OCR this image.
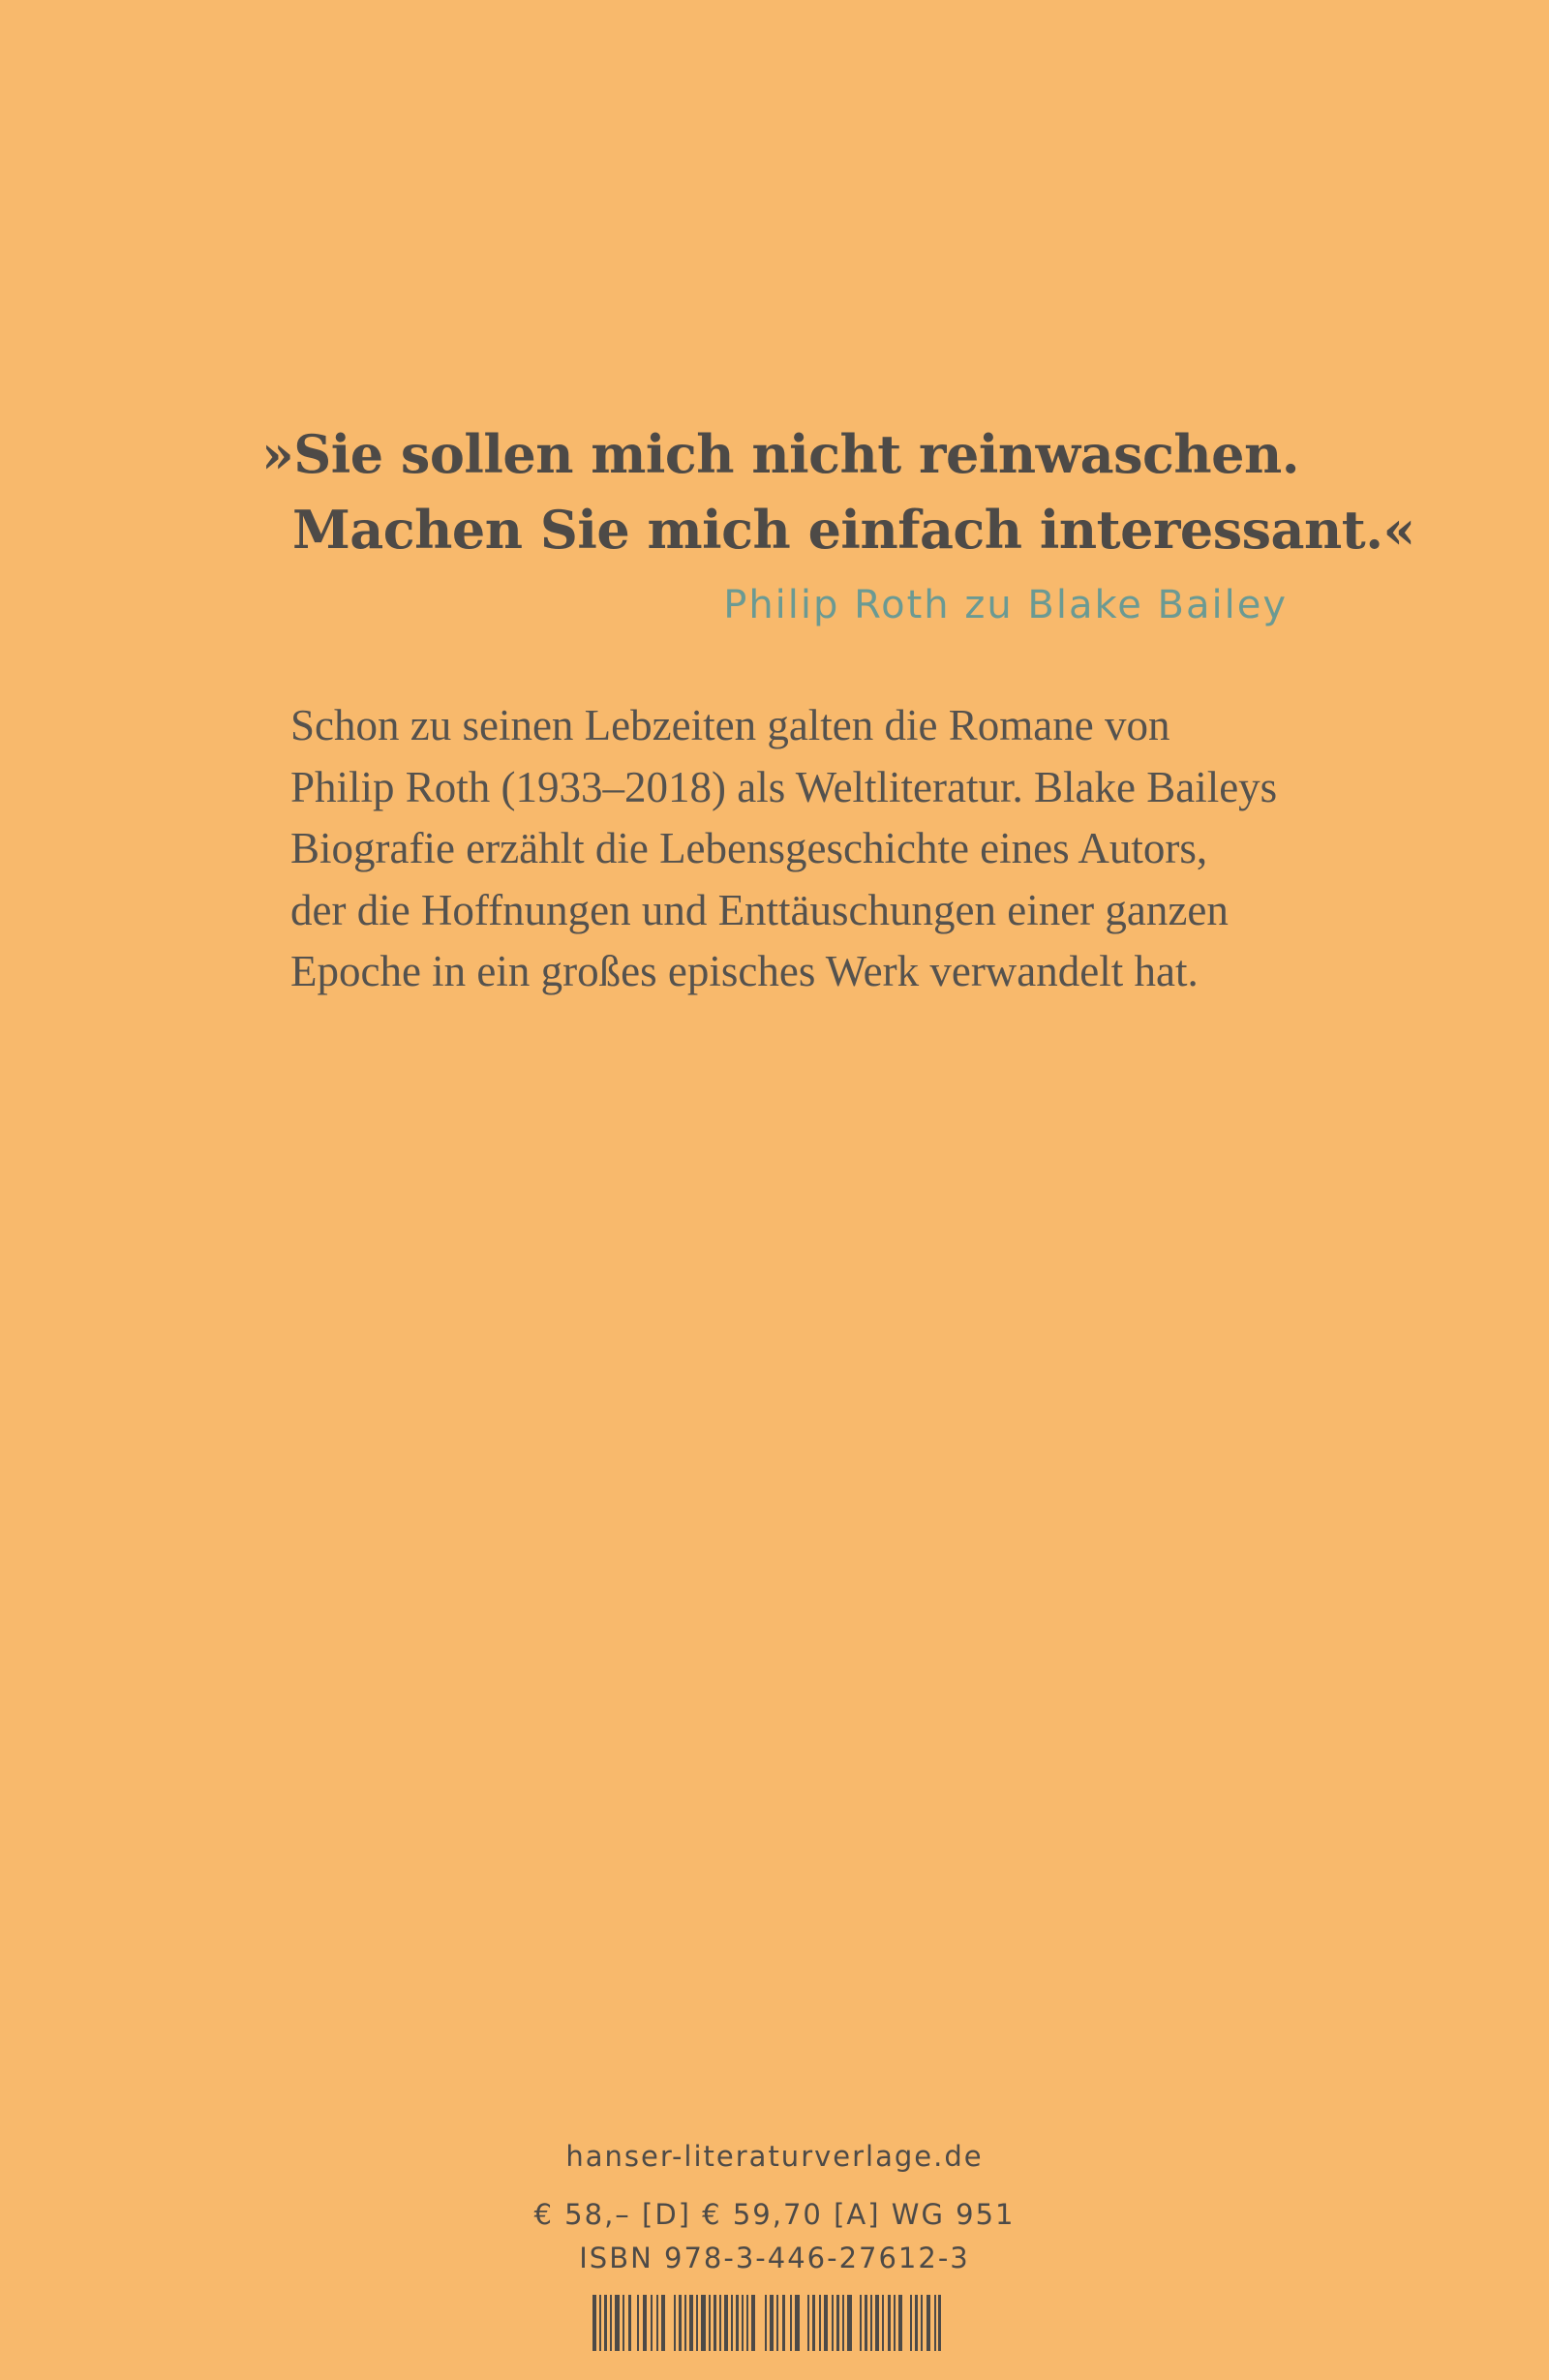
»Sie sollen mich nicht reinwaschen.
Machen Sie mich einfach interessant.«
Philip Roth zu Blake Bailey
Schon zu seinen Lebzeiten galten die Romane von
Philip Roth (1933–2018) als Weltliteratur. Blake Baileys
Biografie erzählt die Lebensgeschichte eines Autors,
der die Hoffnungen und Enttäuschungen einer ganzen
Epoche in ein großes episches Werk verwandelt hat.
hanser-literaturverlage.de
€ 58,– [D] € 59,70 [A] WG 951
ISBN 978-3-446-27612-3
